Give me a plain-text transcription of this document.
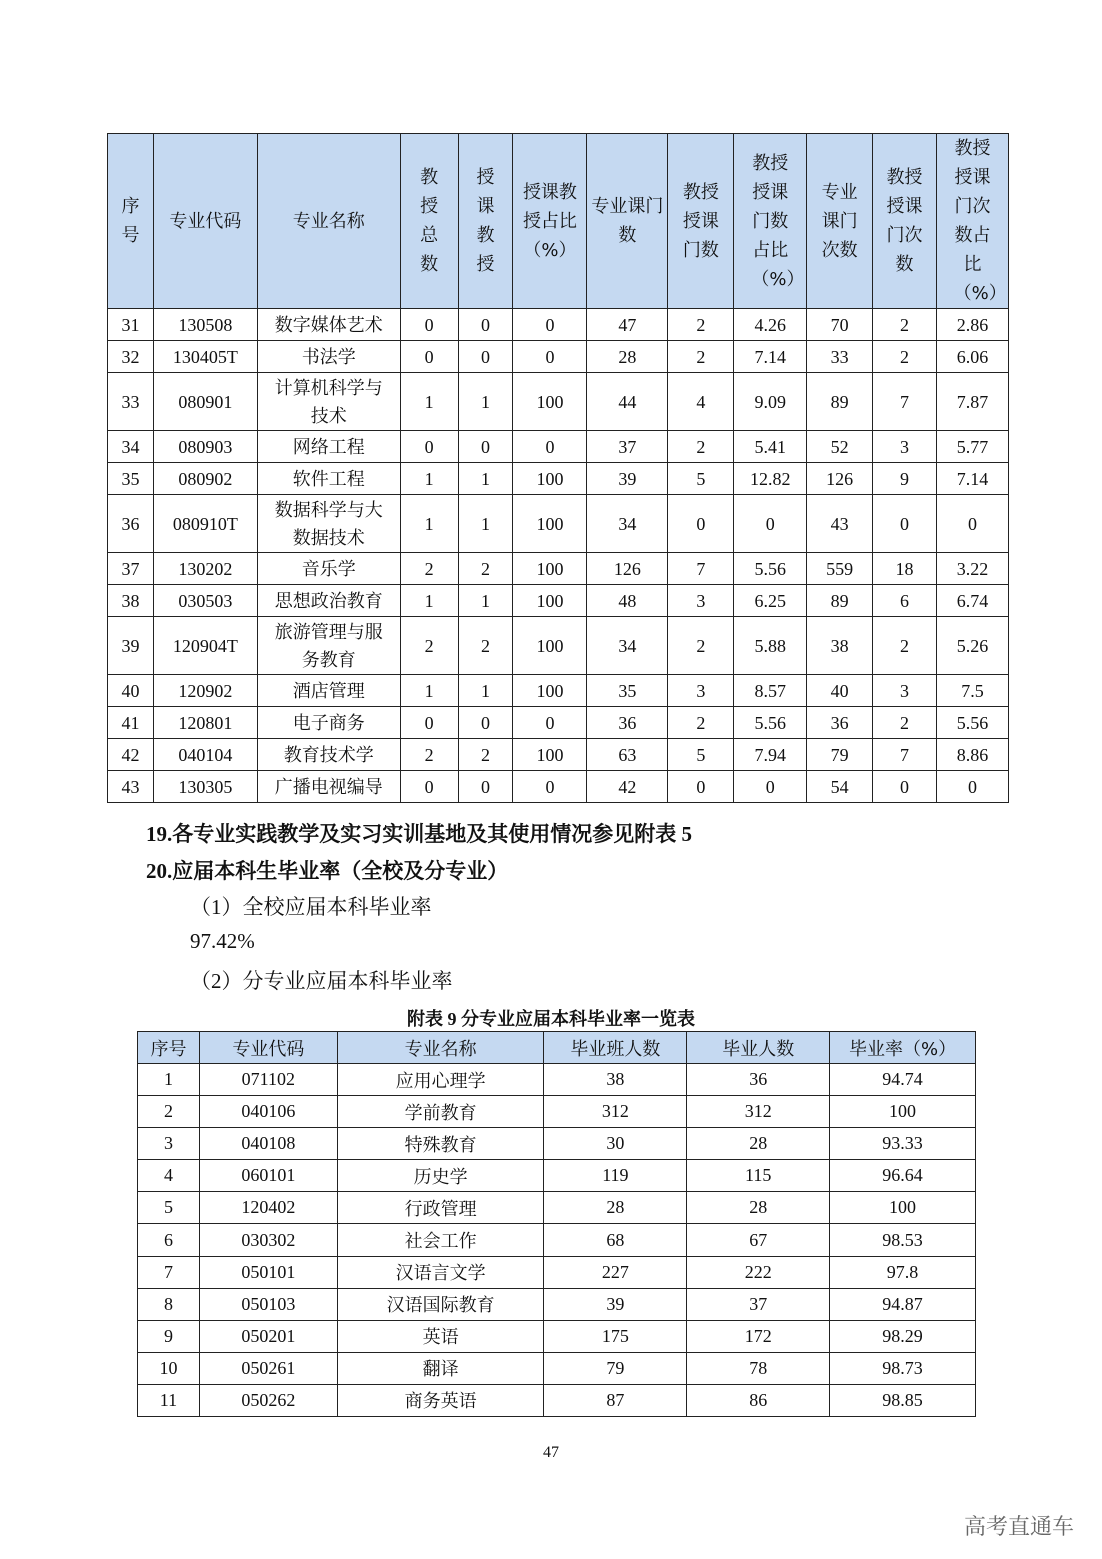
序号	专业代码	专业名称	教授总数	授课教授	授课教授占比（%）	专业课门数	教授授课门数	教授授课门数占比（%）	专业课门次数	教授授课门次数	教授授课门次数占比（%）
31	130508	数字媒体艺术	0	0	0	47	2	4.26	70	2	2.86
32	130405T	书法学	0	0	0	28	2	7.14	33	2	6.06
33	080901	计算机科学与技术	1	1	100	44	4	9.09	89	7	7.87
34	080903	网络工程	0	0	0	37	2	5.41	52	3	5.77
35	080902	软件工程	1	1	100	39	5	12.82	126	9	7.14
36	080910T	数据科学与大数据技术	1	1	100	34	0	0	43	0	0
37	130202	音乐学	2	2	100	126	7	5.56	559	18	3.22
38	030503	思想政治教育	1	1	100	48	3	6.25	89	6	6.74
39	120904T	旅游管理与服务教育	2	2	100	34	2	5.88	38	2	5.26
40	120902	酒店管理	1	1	100	35	3	8.57	40	3	7.5
41	120801	电子商务	0	0	0	36	2	5.56	36	2	5.56
42	040104	教育技术学	2	2	100	63	5	7.94	79	7	8.86
43	130305	广播电视编导	0	0	0	42	0	0	54	0	0
19.各专业实践教学及实习实训基地及其使用情况参见附表 5
20.应届本科生毕业率（全校及分专业）
（1）全校应届本科毕业率
97.42%
（2）分专业应届本科毕业率
附表 9 分专业应届本科毕业率一览表
序号	专业代码	专业名称	毕业班人数	毕业人数	毕业率（%）
1	071102	应用心理学	38	36	94.74
2	040106	学前教育	312	312	100
3	040108	特殊教育	30	28	93.33
4	060101	历史学	119	115	96.64
5	120402	行政管理	28	28	100
6	030302	社会工作	68	67	98.53
7	050101	汉语言文学	227	222	97.8
8	050103	汉语国际教育	39	37	94.87
9	050201	英语	175	172	98.29
10	050261	翻译	79	78	98.73
11	050262	商务英语	87	86	98.85
47
高考直通车
